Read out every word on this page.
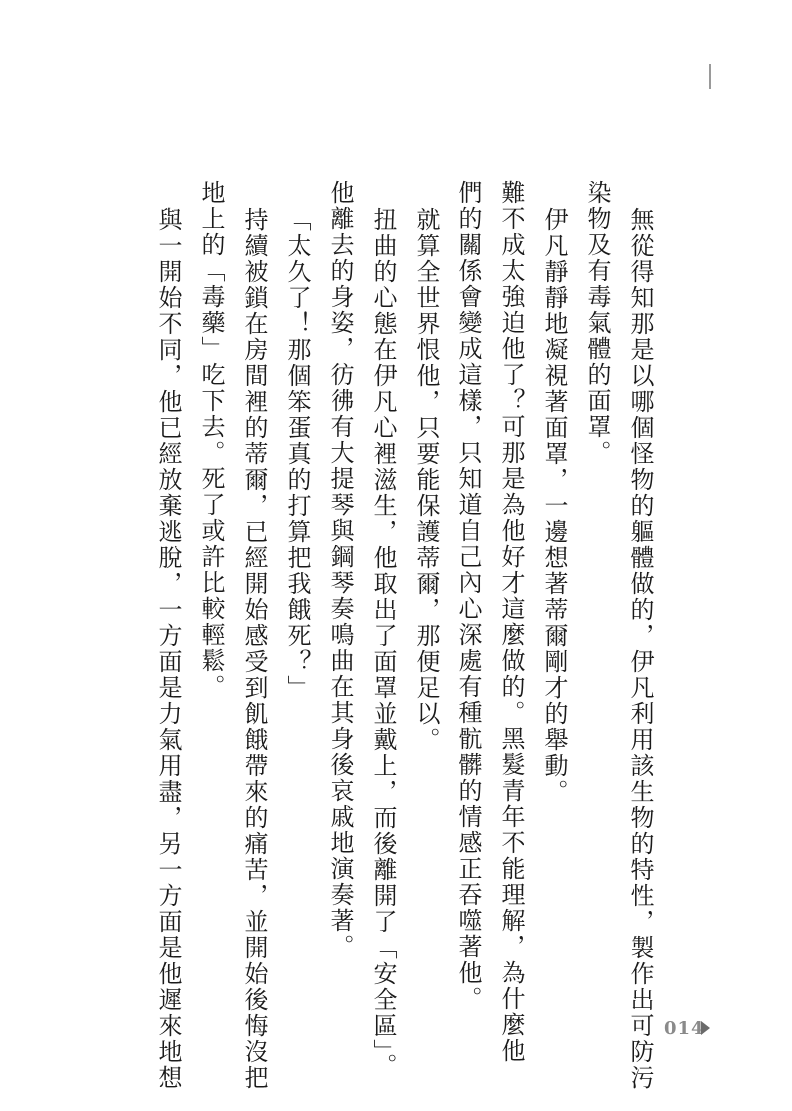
無從得知那是以哪個怪物的軀體做的，伊凡利用該生物的特性，製作出可防污
染物及有毒氣體的面罩。
伊凡靜靜地凝視著面罩，一邊想著蒂爾剛才的舉動。
難不成太強迫他了？可那是為他好才這麼做的。黑髮青年不能理解，為什麼他
們的關係會變成這樣，只知道自己內心深處有種骯髒的情感正吞噬著他。
就算全世界恨他，只要能保護蒂爾，那便足以。
扭曲的心態在伊凡心裡滋生，他取出了面罩並戴上，而後離開了「安全區」。
他離去的身姿，彷彿有大提琴與鋼琴奏鳴曲在其身後哀戚地演奏著。
「太久了！那個笨蛋真的打算把我餓死？」
持續被鎖在房間裡的蒂爾，已經開始感受到飢餓帶來的痛苦，並開始後悔沒把
地上的「毒藥」吃下去。死了或許比較輕鬆。
與一開始不同，他已經放棄逃脫，一方面是力氣用盡，另一方面是他遲來地想	014
